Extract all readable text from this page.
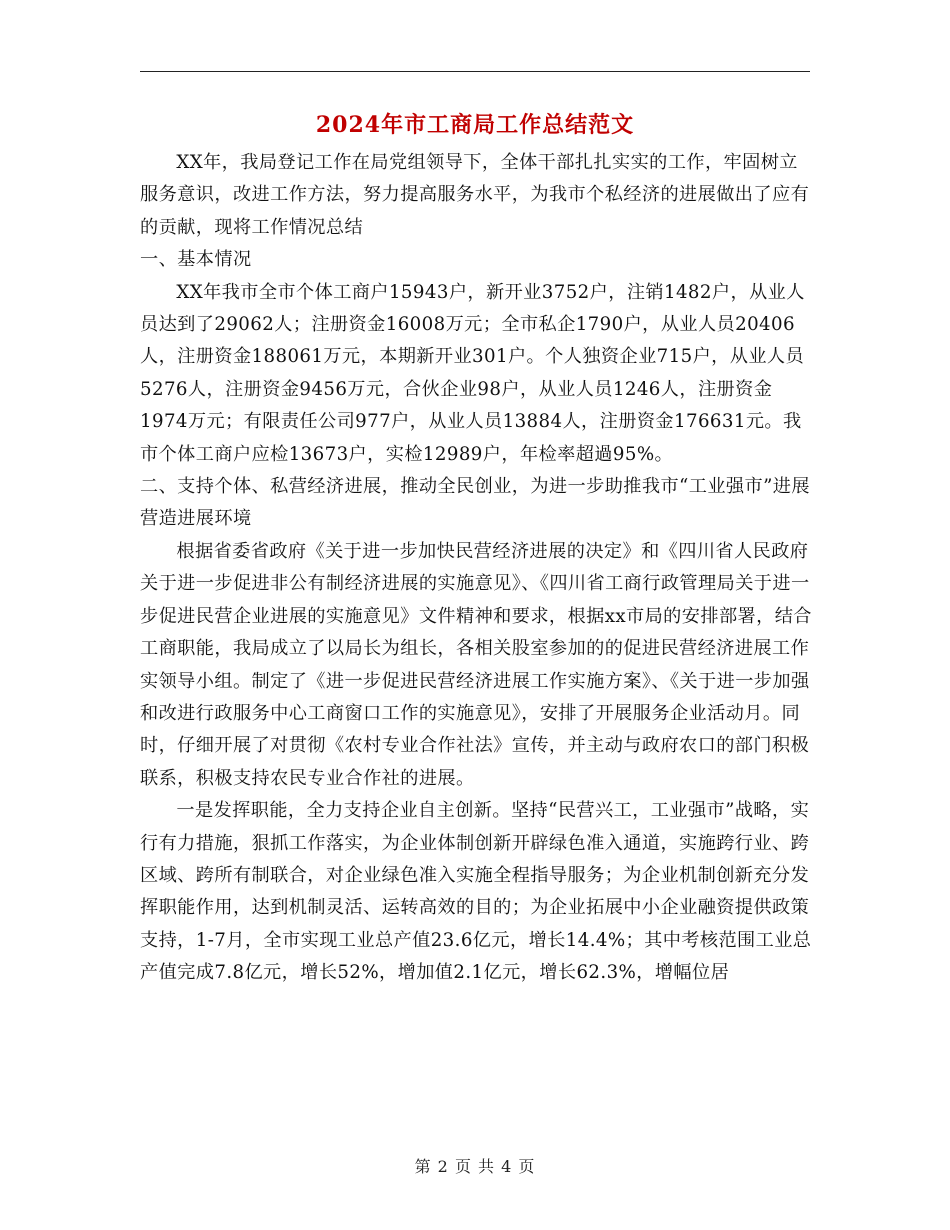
2024年市工商局工作总结范文

XX年，我局登记工作在局党组领导下，全体干部扎扎实实的工作，牢固树立服务意识，改进工作方法，努力提高服务水平，为我市个私经济的进展做出了应有的贡献，现将工作情况总结

一、基本情况

XX年我市全市个体工商户15943户，新开业3752户，注销1482户，从业人员达到了29062人；注册资金16008万元；全市私企1790户，从业人员20406人，注册资金188061万元，本期新开业301户。个人独资企业715户，从业人员5276人，注册资金9456万元，合伙企业98户，从业人员1246人，注册资金1974万元；有限责任公司977户，从业人员13884人，注册资金176631元。我市个体工商户应检13673户，实检12989户，年检率超過95%。

二、支持个体、私营经济进展，推动全民创业，为进一步助推我市“工业强市”进展营造进展环境

根据省委省政府《关于进一步加快民营经济进展的决定》和《四川省人民政府关于进一步促进非公有制经济进展的实施意见》、《四川省工商行政管理局关于进一步促进民营企业进展的实施意见》文件精神和要求，根据xx市局的安排部署，结合工商职能，我局成立了以局长为组长，各相关股室参加的的促进民营经济进展工作实领导小组。制定了《进一步促进民营经济进展工作实施方案》、《关于进一步加强和改进行政服务中心工商窗口工作的实施意见》，安排了开展服务企业活动月。同时，仔细开展了对贯彻《农村专业合作社法》宣传，并主动与政府农口的部门积极联系，积极支持农民专业合作社的进展。

一是发挥职能，全力支持企业自主创新。坚持“民营兴工，工业强市”战略，实行有力措施，狠抓工作落实，为企业体制创新开辟绿色准入通道，实施跨行业、跨区域、跨所有制联合，对企业绿色准入实施全程指导服务；为企业机制创新充分发挥职能作用，达到机制灵活、运转高效的目的；为企业拓展中小企业融资提供政策支持，1-7月，全市实现工业总产值23.6亿元，增长14.4%；其中考核范围工业总产值完成7.8亿元，增长52%，增加值2.1亿元，增长62.3%，增幅位居

第 2 页 共 4 页
